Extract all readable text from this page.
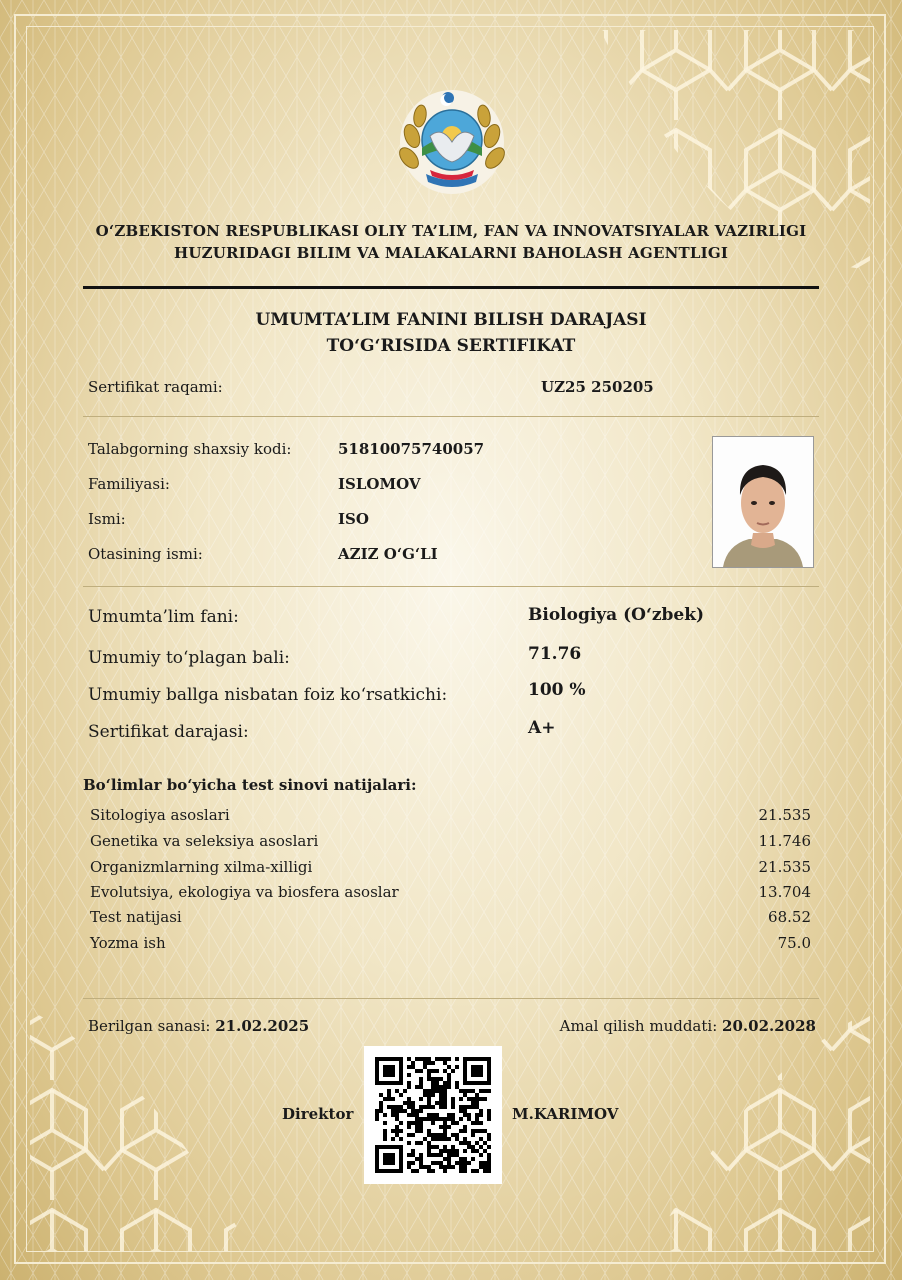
O‘ZBEKISTON RESPUBLIKASI OLIY TA’LIM, FAN VA INNOVATSIYALAR VAZIRLIGI
HUZURIDAGI BILIM VA MALAKALARNI BAHOLASH AGENTLIGI
UMUMTA’LIM FANINI BILISH DARAJASI
TO‘G‘RISIDA SERTIFIKAT
Sertifikat raqami:	UZ25 250205
Talabgorning shaxsiy kodi:	51810075740057
Familiyasi:	ISLOMOV
Ismi:	ISO
Otasining ismi:	AZIZ O‘G‘LI
Umumta’lim fani:	Biologiya (O‘zbek)
Umumiy to‘plagan bali:	71.76
Umumiy ballga nisbatan foiz ko‘rsatkichi:	100 %
Sertifikat darajasi:	A+
Bo‘limlar bo‘yicha test sinovi natijalari:
Sitologiya asoslari	21.535
Genetika va seleksiya asoslari	11.746
Organizmlarning xilma-xilligi	21.535
Evolutsiya, ekologiya va biosfera asoslar	13.704
Test natijasi	68.52
Yozma ish	75.0
Berilgan sanasi: 21.02.2025	Amal qilish muddati: 20.02.2028
Direktor	M.KARIMOV
